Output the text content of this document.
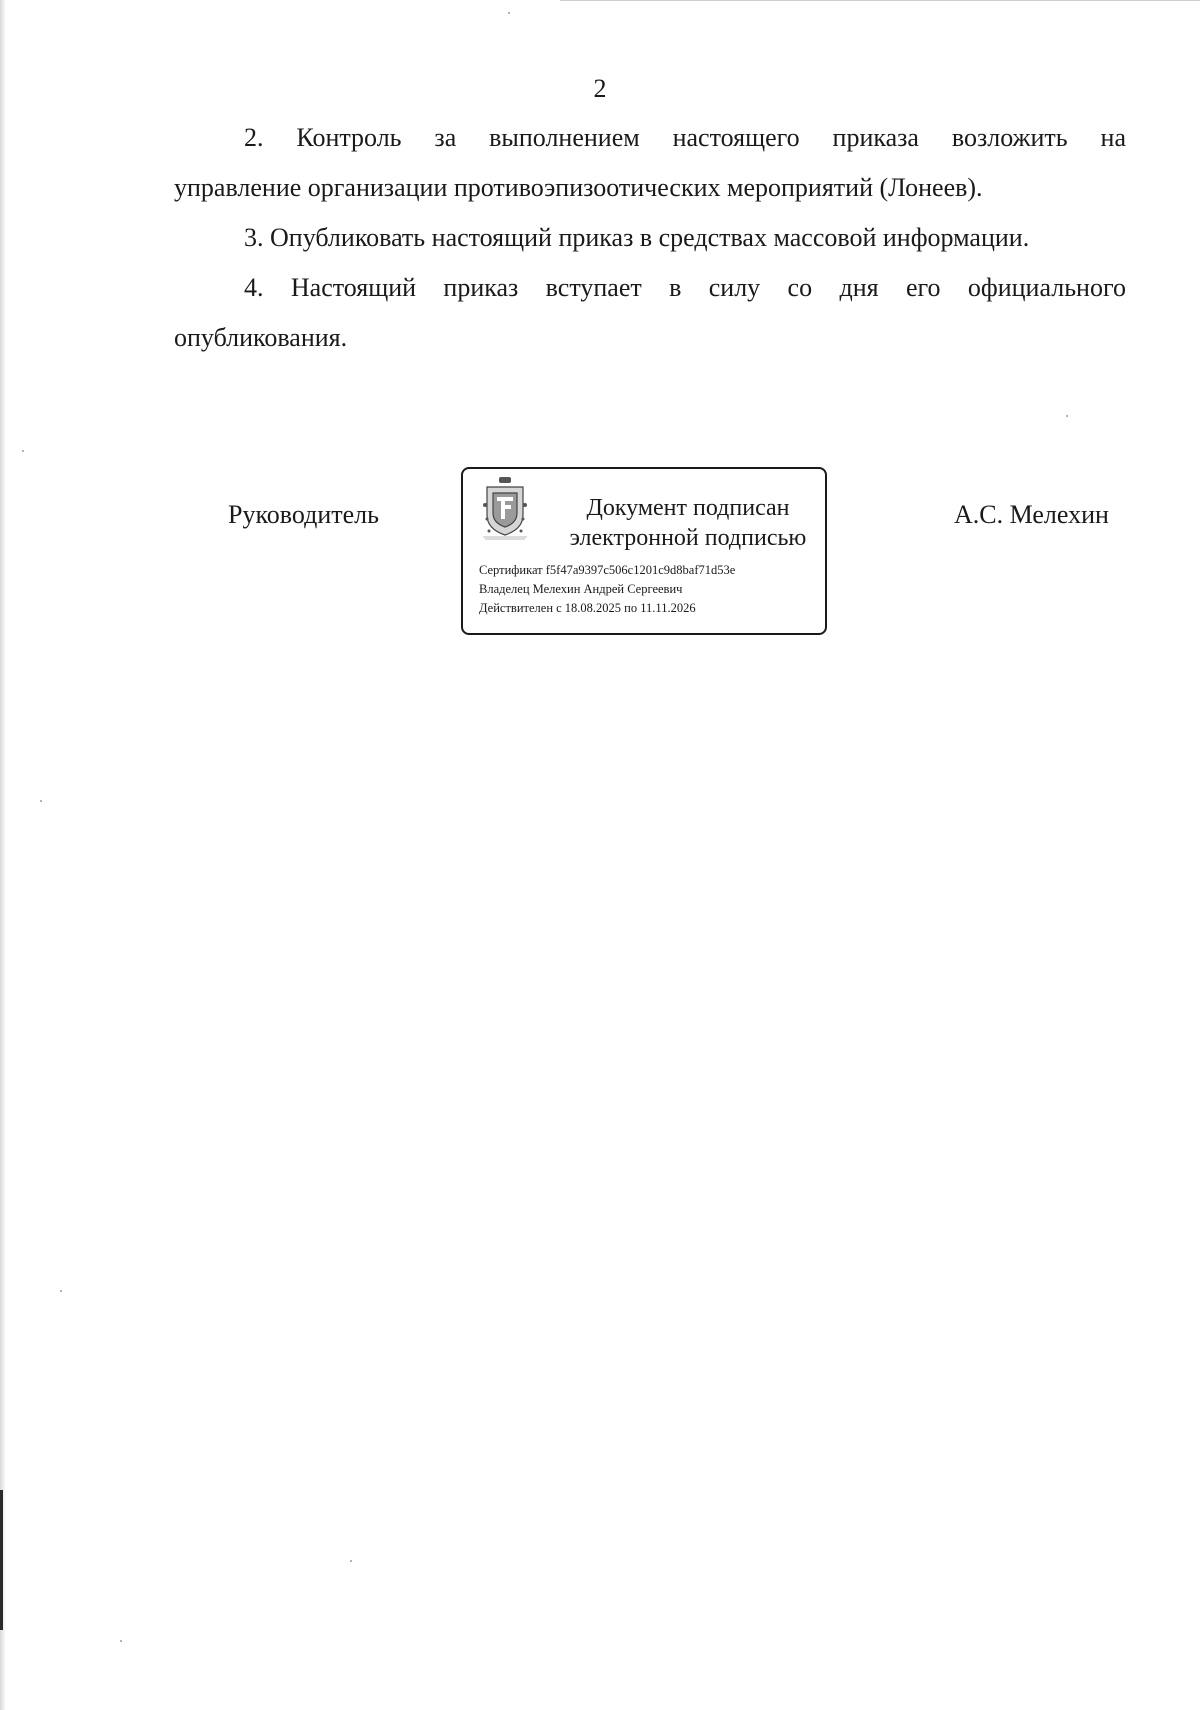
2

2. Контроль за выполнением настоящего приказа возложить на
управление организации противоэпизоотических мероприятий (Лонеев).

3. Опубликовать настоящий приказ в средствах массовой информации.

4. Настоящий приказ вступает в силу со дня его официального
опубликования.

Руководитель	Документ подписан
электронной подписью
Сертификат f5f47a9397c506c1201c9d8baf71d53e
Владелец Мелехин Андрей Сергеевич
Действителен с 18.08.2025 по 11.11.2026
А.С. Мелехин
